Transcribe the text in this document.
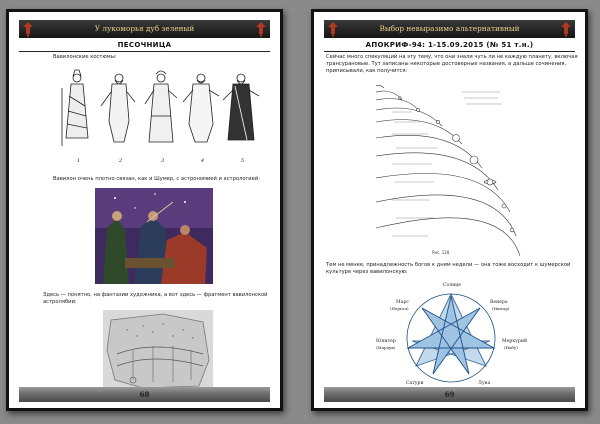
У лукоморья дуб зеленый
ПЕСОЧНИЦА
Вавилонские костюмы:
1	2	3	4	5
Вавилон очень плотно связан, как и Шумер, с астрономией и астрологией:
Здесь — понятно, на фантазии художника, а вот здесь — фрагмент вавилонской астролябии:
68
Выбор невыразимо альтернативный
АПОКРИФ-94: 1-15.09.2015 (№ 51 т.н.)
Сейчас много спекуляций на эту тему, что они знали чуть ли не каждую планету, включая трансурановые. Тут записаны некоторые достоверные названия, а дальше сочинения, приписывали, как получится:
Рис. 128
Тем не менее, принадлежность богов к дням недели — она тоже восходит к шумерской культуре через вавилонскую:
Солнце
Марс
(Нергал)
Венера
(Иштар)
Юпитер
(Мардук)
Меркурий
(Набу)
Сатурн	Луна
69
